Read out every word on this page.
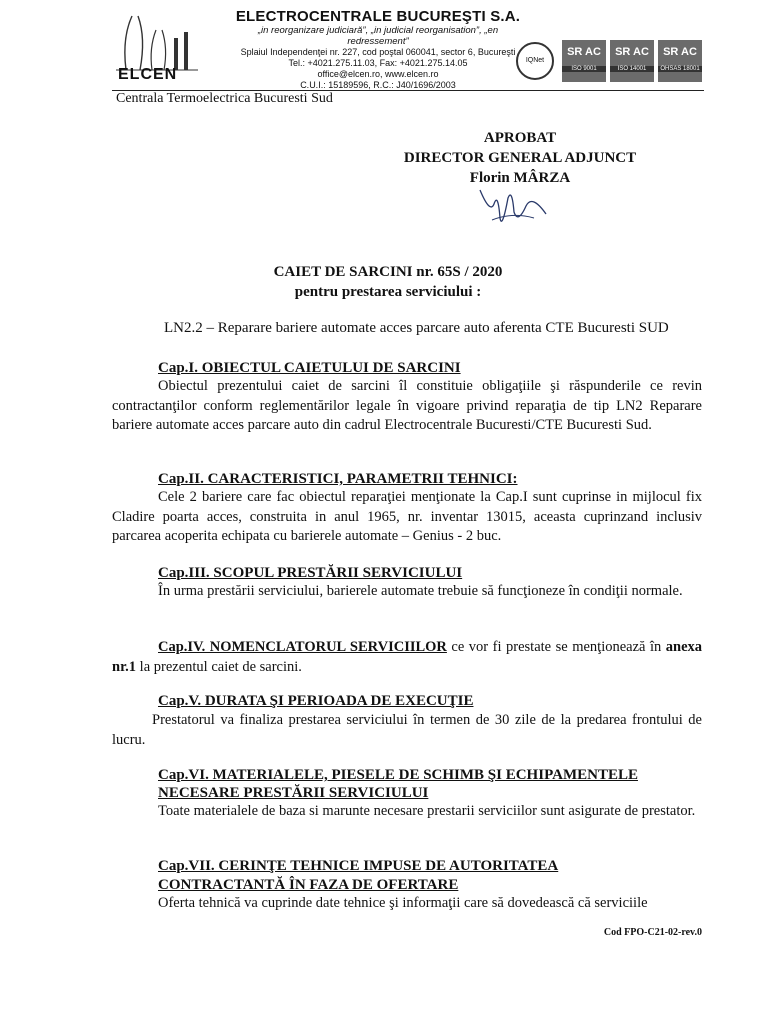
ELCEN
ELECTROCENTRALE BUCUREŞTI S.A.
„in reorganizare judiciară”, „in judicial reorganisation”, „en redressement”
Splaiul Independenţei nr. 227, cod poştal 060041, sector 6, Bucureşti
Tel.: +4021.275.11.03, Fax: +4021.275.14.05
office@elcen.ro, www.elcen.ro
C.U.I.: 15189596, R.C.: J40/1696/2003
IQNet
SR AC
ISO 9001
SR AC
ISO 14001
SR AC
OHSAS 18001
Centrala Termoelectrica Bucuresti Sud
APROBAT
DIRECTOR GENERAL ADJUNCT
Florin MÂRZA
CAIET DE SARCINI nr. 65S / 2020
pentru prestarea serviciului :
LN2.2 – Reparare bariere automate acces parcare auto aferenta CTE Bucuresti SUD
Cap.I. OBIECTUL CAIETULUI DE SARCINI
Obiectul prezentului caiet de sarcini îl constituie obligaţiile şi răspunderile ce revin contractanţilor conform reglementărilor legale în vigoare privind reparaţia de tip LN2 Reparare bariere automate acces parcare auto din cadrul Electrocentrale Bucuresti/CTE Bucuresti Sud.
Cap.II. CARACTERISTICI, PARAMETRII TEHNICI:
Cele 2 bariere care fac obiectul reparaţiei menţionate la Cap.I sunt cuprinse in mijlocul fix Cladire poarta acces, construita in anul 1965, nr. inventar 13015, aceasta cuprinzand inclusiv parcarea acoperita echipata cu barierele automate – Genius - 2 buc.
Cap.III. SCOPUL PRESTĂRII SERVICIULUI
În urma prestării serviciului, barierele automate trebuie să funcţioneze în condiţii normale.
Cap.IV. NOMENCLATORUL SERVICIILOR ce vor fi prestate se menţionează în anexa nr.1 la prezentul caiet de sarcini.
Cap.V. DURATA ŞI PERIOADA DE EXECUŢIE
Prestatorul va finaliza prestarea serviciului în termen de 30 zile de la predarea frontului de lucru.
Cap.VI. MATERIALELE, PIESELE DE SCHIMB ŞI ECHIPAMENTELE
NECESARE PRESTĂRII SERVICIULUI
Toate materialele de baza si marunte necesare prestarii serviciilor sunt asigurate de prestator.
Cap.VII. CERINŢE TEHNICE IMPUSE DE AUTORITATEA
CONTRACTANTĂ ÎN FAZA DE OFERTARE
Oferta tehnică va cuprinde date tehnice şi informaţii care să dovedească că serviciile
Cod FPO-C21-02-rev.0
